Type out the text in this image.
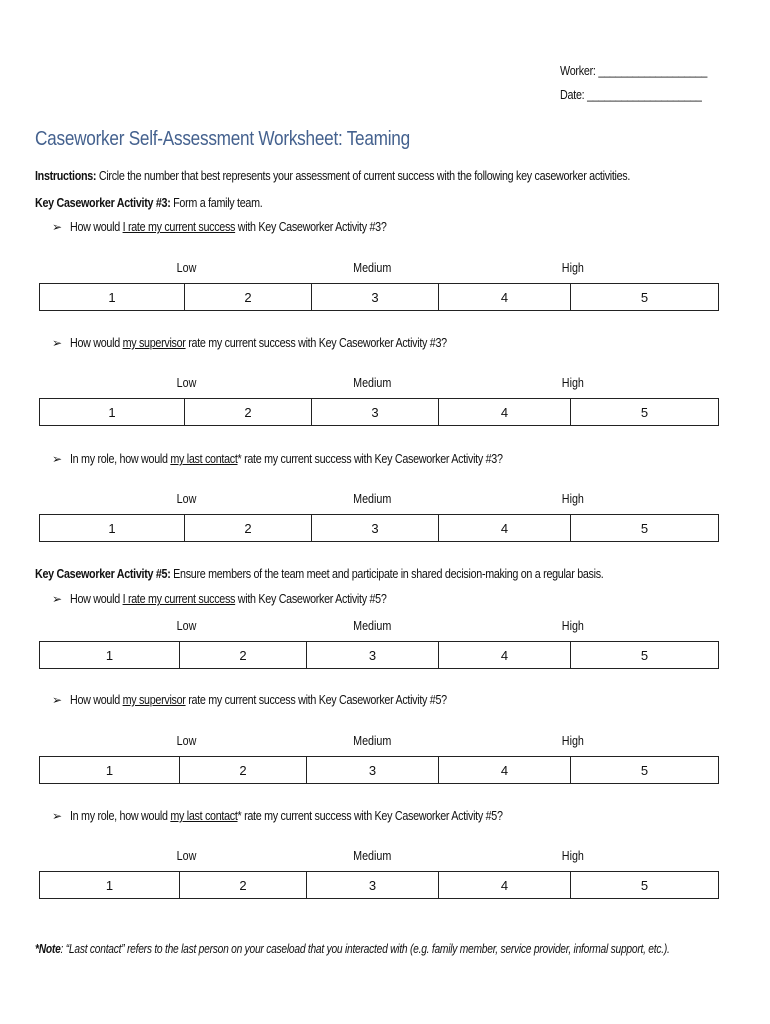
Worker: ___________________
Date: ____________________
Caseworker Self-Assessment Worksheet: Teaming
Instructions: Circle the number that best represents your assessment of current success with the following key caseworker activities.
Key Caseworker Activity #3: Form a family team.
➢ How would I rate my current success with Key Caseworker Activity #3?
Low	Medium	High
1	2	3	4	5
➢ How would my supervisor rate my current success with Key Caseworker Activity #3?
Low	Medium	High
1	2	3	4	5
➢ In my role, how would my last contact* rate my current success with Key Caseworker Activity #3?
Low	Medium	High
1	2	3	4	5
Key Caseworker Activity #5: Ensure members of the team meet and participate in shared decision-making on a regular basis.
➢ How would I rate my current success with Key Caseworker Activity #5?
Low	Medium	High
1	2	3	4	5
➢ How would my supervisor rate my current success with Key Caseworker Activity #5?
Low	Medium	High
1	2	3	4	5
➢ In my role, how would my last contact* rate my current success with Key Caseworker Activity #5?
Low	Medium	High
1	2	3	4	5
*Note: “Last contact” refers to the last person on your caseload that you interacted with (e.g. family member, service provider, informal support, etc.).
